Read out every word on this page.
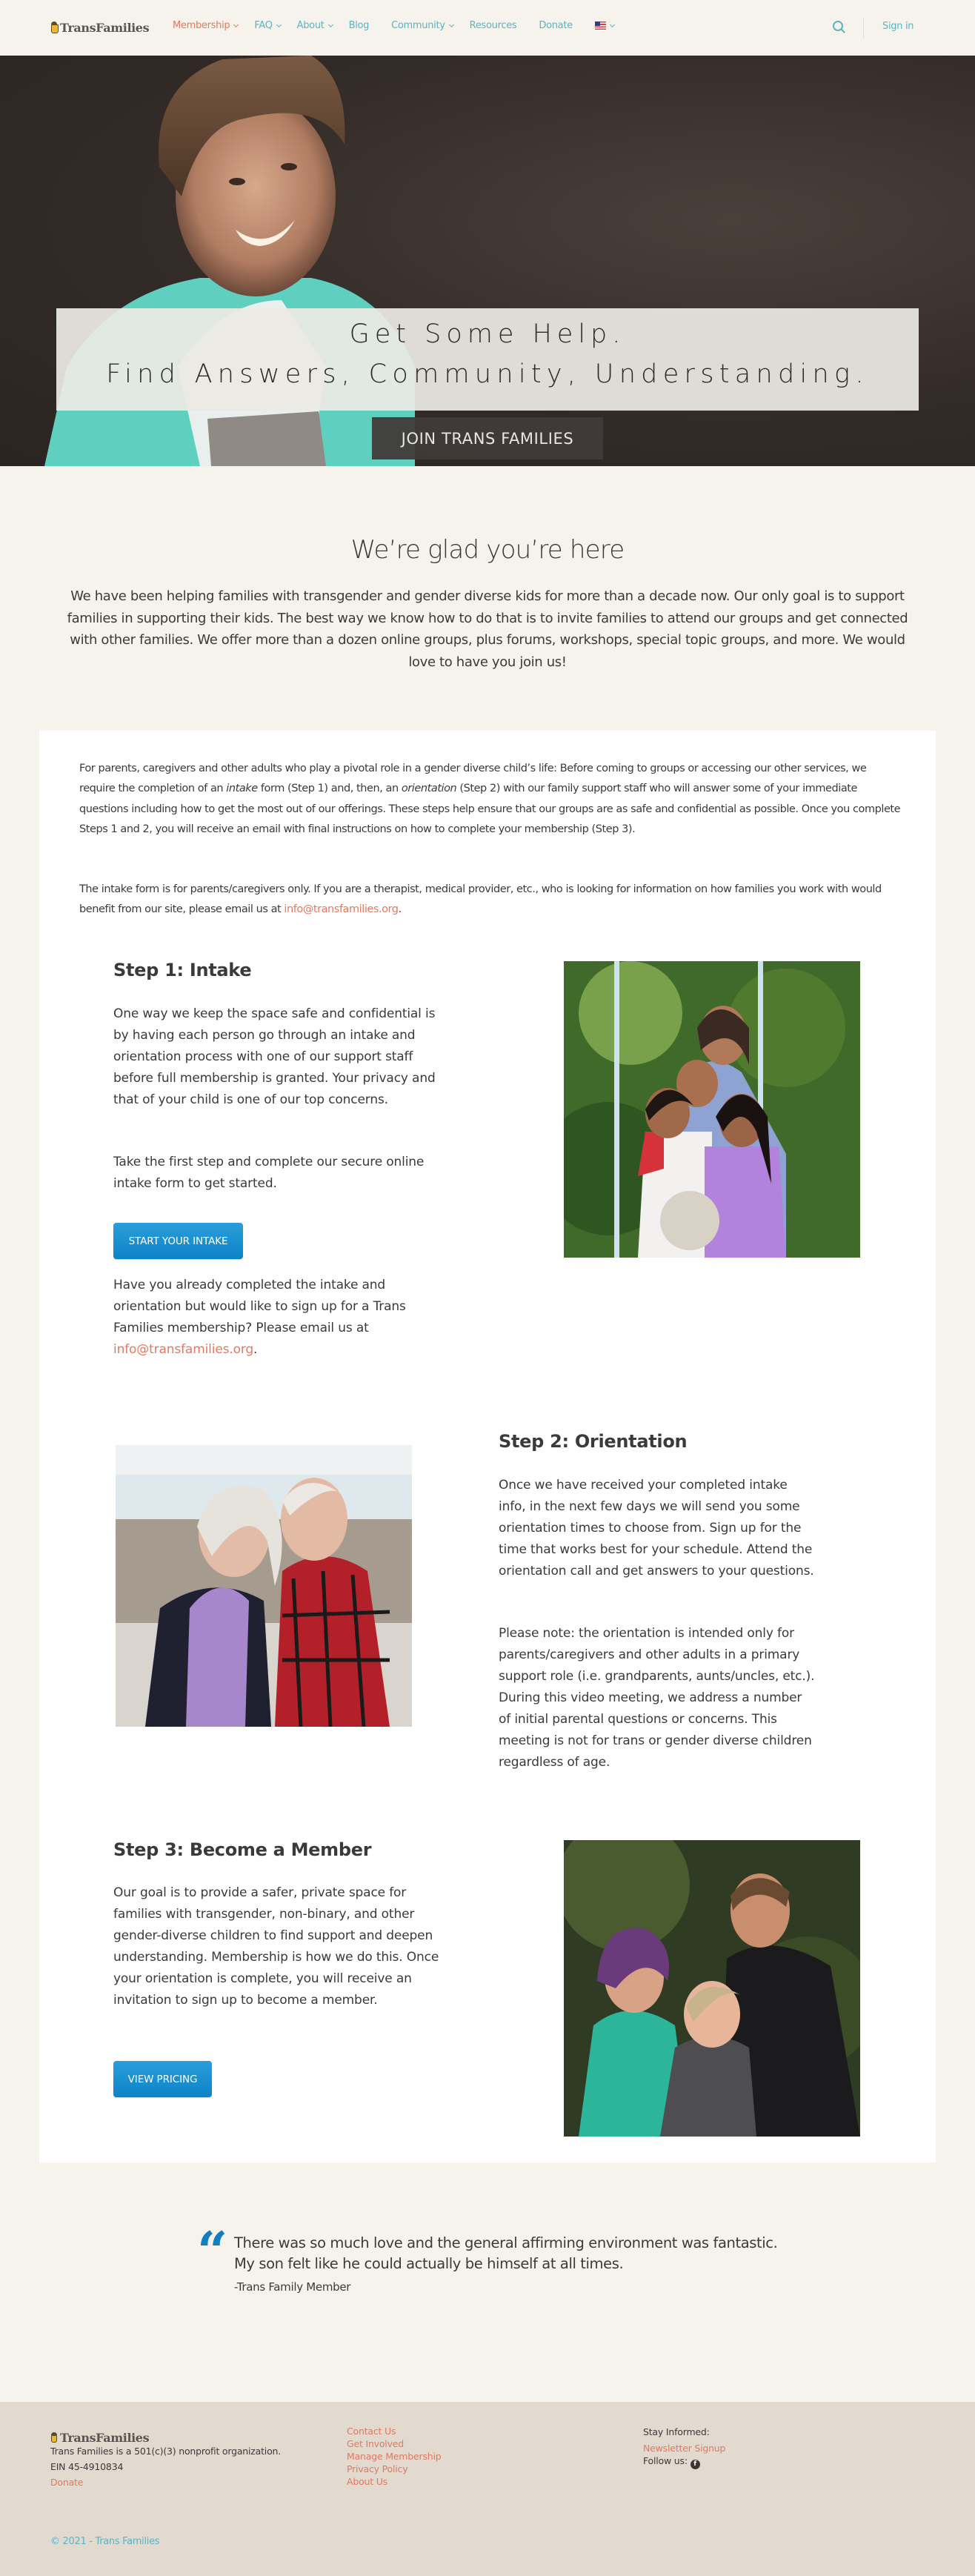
TransFamilies Membership	FAQ	About	Blog Community	Resources Donate	Sign in
Get Some Help.
Find Answers, Community, Understanding.
JOIN TRANS FAMILIES
We’re glad you’re here

We have been helping families with transgender and gender diverse kids for more than a decade now. Our only goal is to support families in supporting their kids. The best way we know how to do that is to invite families to attend our groups and get connected with other families. We offer more than a dozen online groups, plus forums, workshops, special topic groups, and more. We would love to have you join us!

For parents, caregivers and other adults who play a pivotal role in a gender diverse child’s life: Before coming to groups or accessing our other services, we require the completion of an intake form (Step 1) and, then, an orientation (Step 2) with our family support staff who will answer some of your immediate questions including how to get the most out of our offerings. These steps help ensure that our groups are as safe and confidential as possible. Once you complete Steps 1 and 2, you will receive an email with final instructions on how to complete your membership (Step 3).

The intake form is for parents/caregivers only. If you are a therapist, medical provider, etc., who is looking for information on how families you work with would benefit from our site, please email us at info@transfamilies.org.

Step 1: Intake

One way we keep the space safe and confidential is by having each person go through an intake and orientation process with one of our support staff before full membership is granted. Your privacy and that of your child is one of our top concerns.

Take the first step and complete our secure online intake form to get started.

START YOUR INTAKE

Have you already completed the intake and orientation but would like to sign up for a Trans Families membership? Please email us at info@transfamilies.org.

Step 2: Orientation

Once we have received your completed intake info, in the next few days we will send you some orientation times to choose from. Sign up for the time that works best for your schedule. Attend the orientation call and get answers to your questions.

Please note: the orientation is intended only for parents/caregivers and other adults in a primary support role (i.e. grandparents, aunts/uncles, etc.). During this video meeting, we address a number of initial parental questions or concerns. This meeting is not for trans or gender diverse children regardless of age.

Step 3: Become a Member

Our goal is to provide a safer, private space for families with transgender, non-binary, and other gender-diverse children to find support and deepen understanding. Membership is how we do this. Once your orientation is complete, you will receive an invitation to sign up to become a member.

VIEW PRICING
“ There was so much love and the general affirming environment was fantastic. My son felt like he could actually be himself at all times.

-Trans Family Member

TransFamilies

Trans Families is a 501(c)(3) nonprofit organization.

EIN 45-4910834

Donate
Contact Us
Get Involved
Manage Membership
Privacy Policy
About Us

Stay Informed:

Newsletter Signup

Follow us: f

© 2021 - Trans Families
